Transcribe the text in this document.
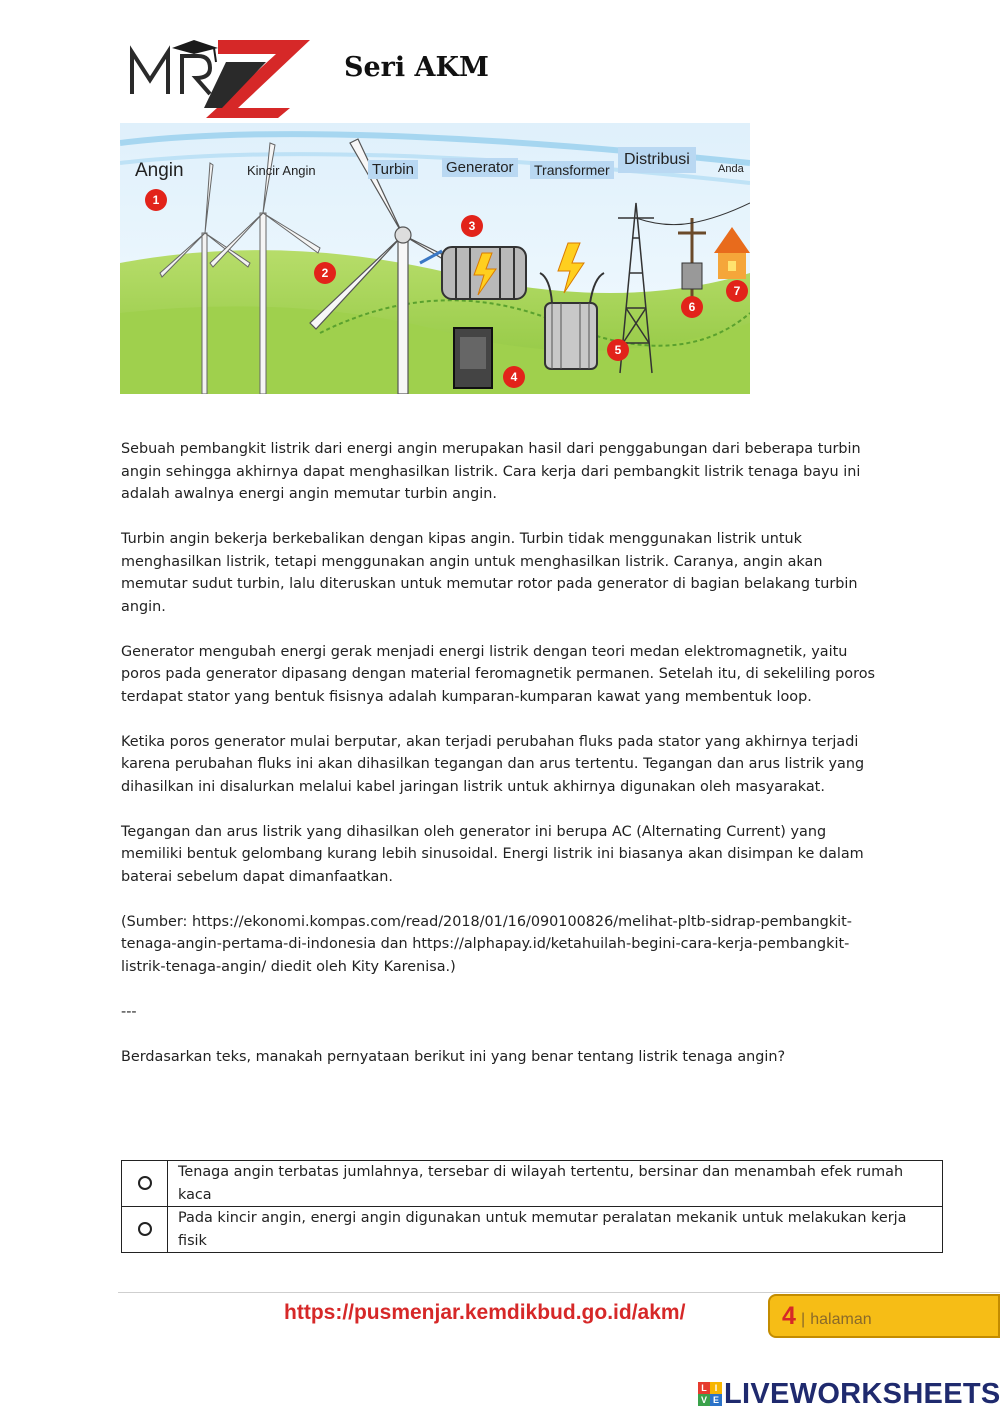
Seri AKM
1
2
3
4
5
6
7
Angin	Kincir Angin	Turbin Generator Transformer
Distribusi
Anda

Sebuah pembangkit listrik dari energi angin merupakan hasil dari penggabungan dari beberapa turbin angin sehingga akhirnya dapat menghasilkan listrik. Cara kerja dari pembangkit listrik tenaga bayu ini adalah awalnya energi angin memutar turbin angin.

Turbin angin bekerja berkebalikan dengan kipas angin. Turbin tidak menggunakan listrik untuk menghasilkan listrik, tetapi menggunakan angin untuk menghasilkan listrik. Caranya, angin akan memutar sudut turbin, lalu diteruskan untuk memutar rotor pada generator di bagian belakang turbin angin.

Generator mengubah energi gerak menjadi energi listrik dengan teori medan elektromagnetik, yaitu poros pada generator dipasang dengan material feromagnetik permanen. Setelah itu, di sekeliling poros terdapat stator yang bentuk fisisnya adalah kumparan-kumparan kawat yang membentuk loop.

Ketika poros generator mulai berputar, akan terjadi perubahan fluks pada stator yang akhirnya terjadi karena perubahan fluks ini akan dihasilkan tegangan dan arus tertentu. Tegangan dan arus listrik yang dihasilkan ini disalurkan melalui kabel jaringan listrik untuk akhirnya digunakan oleh masyarakat.

Tegangan dan arus listrik yang dihasilkan oleh generator ini berupa AC (Alternating Current) yang memiliki bentuk gelombang kurang lebih sinusoidal. Energi listrik ini biasanya akan disimpan ke dalam baterai sebelum dapat dimanfaatkan.

(Sumber: https://ekonomi.kompas.com/read/2018/01/16/090100826/melihat-pltb-sidrap-pembangkit-tenaga-angin-pertama-di-indonesia dan https://alphapay.id/ketahuilah-begini-cara-kerja-pembangkit-listrik-tenaga-angin/ diedit oleh Kity Karenisa.)

---

Berdasarkan teks, manakah pernyataan berikut ini yang benar tentang listrik tenaga angin?

	Tenaga angin terbatas jumlahnya, tersebar di wilayah tertentu, bersinar dan menambah efek rumah kaca
	Pada kincir angin, energi angin digunakan untuk memutar peralatan mekanik untuk melakukan kerja fisik
https://pusmenjar.kemdikbud.go.id/akm/	4 | halaman
L I
V E LIVEWORKSHEETS
